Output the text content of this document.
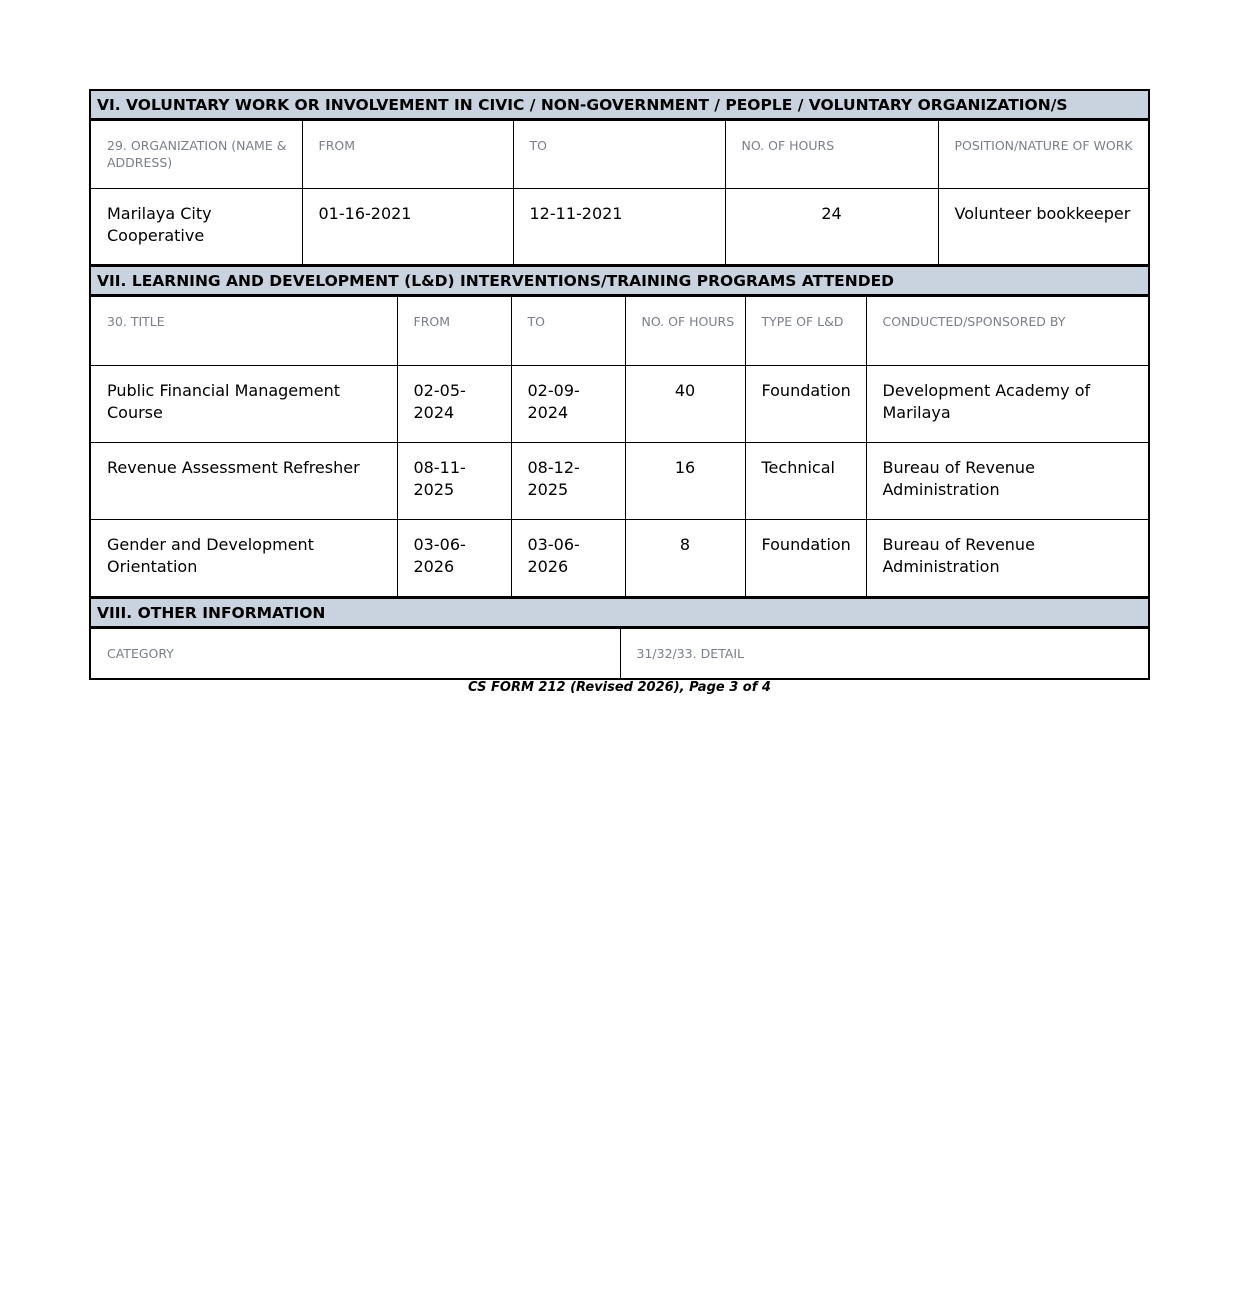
VI. VOLUNTARY WORK OR INVOLVEMENT IN CIVIC / NON-GOVERNMENT / PEOPLE / VOLUNTARY ORGANIZATION/S
29. ORGANIZATION (NAME & ADDRESS)	FROM	TO	NO. OF HOURS	POSITION/NATURE OF WORK
Marilaya City Cooperative	01-16-2021	12-11-2021	24	Volunteer bookkeeper
VII. LEARNING AND DEVELOPMENT (L&D) INTERVENTIONS/TRAINING PROGRAMS ATTENDED
30. TITLE	FROM	TO	NO. OF HOURS	TYPE OF L&D	CONDUCTED/SPONSORED BY
Public Financial Management Course	02-05-2024	02-09-2024	40	Foundation	Development Academy of Marilaya
Revenue Assessment Refresher	08-11-2025	08-12-2025	16	Technical	Bureau of Revenue Administration
Gender and Development Orientation	03-06-2026	03-06-2026	8	Foundation	Bureau of Revenue Administration
VIII. OTHER INFORMATION
CATEGORY	31/32/33. DETAIL
CS FORM 212 (Revised 2026), Page 3 of 4
